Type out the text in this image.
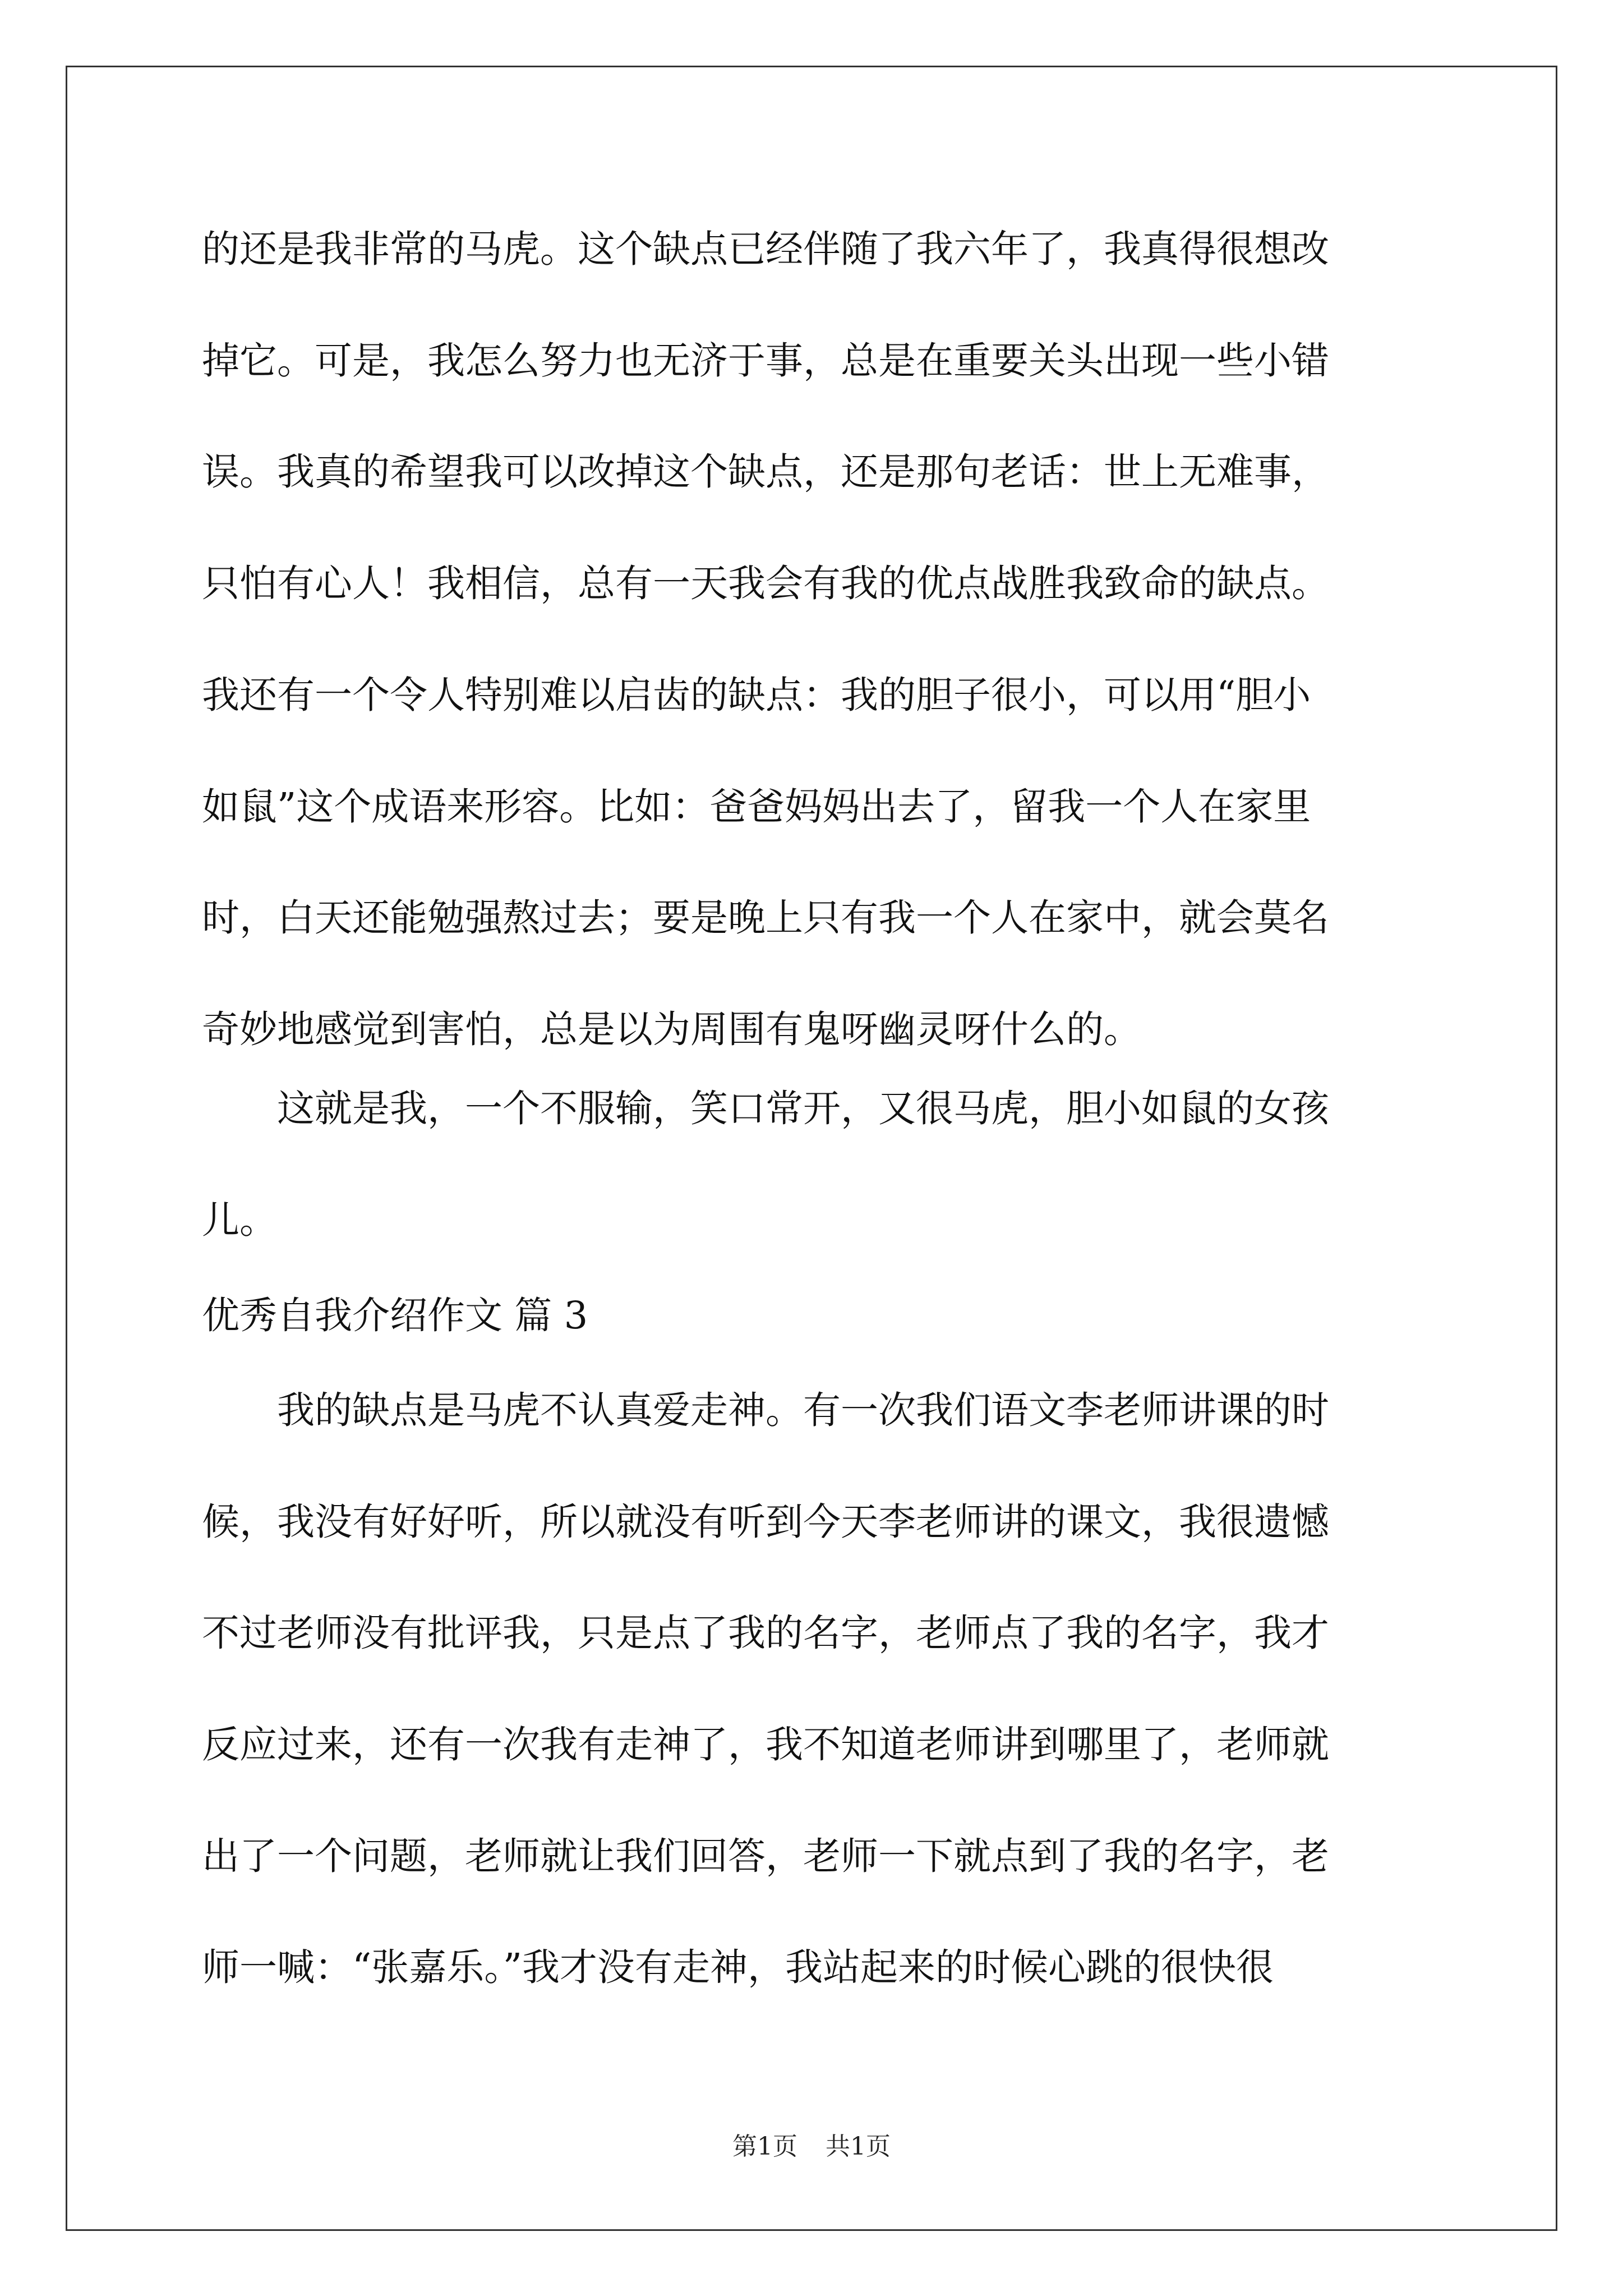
的还是我非常的马虎。这个缺点已经伴随了我六年了，我真得很想改
掉它。可是，我怎么努力也无济于事，总是在重要关头出现一些小错
误。我真的希望我可以改掉这个缺点，还是那句老话：世上无难事，
只怕有心人！我相信，总有一天我会有我的优点战胜我致命的缺点。
我还有一个令人特别难以启齿的缺点：我的胆子很小，可以用“胆小
如鼠”这个成语来形容。比如：爸爸妈妈出去了，留我一个人在家里
时，白天还能勉强熬过去；要是晚上只有我一个人在家中，就会莫名
奇妙地感觉到害怕，总是以为周围有鬼呀幽灵呀什么的。
　　这就是我，一个不服输，笑口常开，又很马虎，胆小如鼠的女孩
儿。
优秀自我介绍作文 篇 3
　　我的缺点是马虎不认真爱走神。有一次我们语文李老师讲课的时
候，我没有好好听，所以就没有听到今天李老师讲的课文，我很遗憾
不过老师没有批评我，只是点了我的名字，老师点了我的名字，我才
反应过来，还有一次我有走神了，我不知道老师讲到哪里了，老师就
出了一个问题，老师就让我们回答，老师一下就点到了我的名字，老
师一喊：“张嘉乐。”我才没有走神，我站起来的时候心跳的很快很
第1页 共1页
